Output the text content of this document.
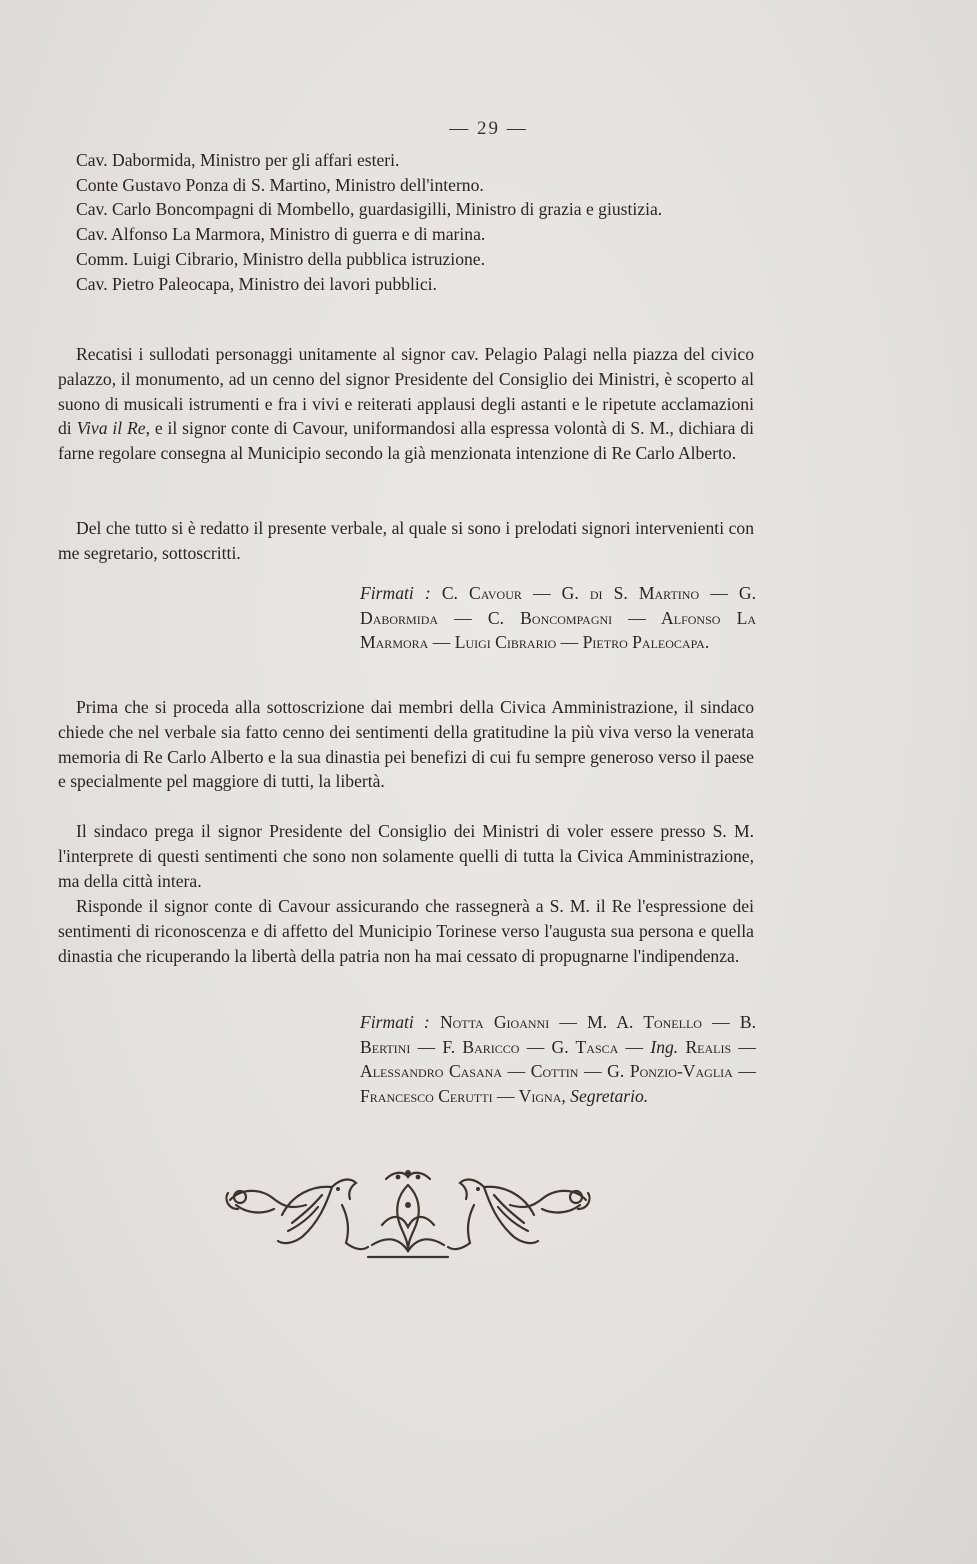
— 29 —

Cav. Dabormida, Ministro per gli affari esteri.

Conte Gustavo Ponza di S. Martino, Ministro dell'interno.

Cav. Carlo Boncompagni di Mombello, guardasigilli, Ministro di grazia e giustizia.

Cav. Alfonso La Marmora, Ministro di guerra e di marina.

Comm. Luigi Cibrario, Ministro della pubblica istruzione.

Cav. Pietro Paleocapa, Ministro dei lavori pubblici.

Recatisi i sullodati personaggi unitamente al signor cav. Pelagio Palagi nella piazza del civico palazzo, il monumento, ad un cenno del signor Presidente del Consiglio dei Ministri, è scoperto al suono di musicali istrumenti e fra i vivi e reiterati applausi degli astanti e le ripetute acclamazioni di Viva il Re, e il signor conte di Cavour, uniformandosi alla espressa volontà di S. M., dichiara di farne regolare consegna al Municipio secondo la già menzionata intenzione di Re Carlo Alberto.

Del che tutto si è redatto il presente verbale, al quale si sono i prelodati signori intervenienti con me segretario, sottoscritti.

Firmati : C. Cavour — G. di S. Martino — G. Dabormida — C. Boncompagni — Alfonso La Marmora — Luigi Cibrario — Pietro Paleocapa.

Prima che si proceda alla sottoscrizione dai membri della Civica Amministrazione, il sindaco chiede che nel verbale sia fatto cenno dei sentimenti della gratitudine la più viva verso la venerata memoria di Re Carlo Alberto e la sua dinastia pei benefizi di cui fu sempre generoso verso il paese e specialmente pel maggiore di tutti, la libertà.

Il sindaco prega il signor Presidente del Consiglio dei Ministri di voler essere presso S. M. l'interprete di questi sentimenti che sono non solamente quelli di tutta la Civica Amministrazione, ma della città intera.

Risponde il signor conte di Cavour assicurando che rassegnerà a S. M. il Re l'espressione dei sentimenti di riconoscenza e di affetto del Municipio Torinese verso l'augusta sua persona e quella dinastia che ricuperando la libertà della patria non ha mai cessato di propugnarne l'indipendenza.

Firmati : Notta Gioanni — M. A. Tonello — B. Bertini — F. Baricco — G. Tasca — Ing. Realis — Alessandro Casana — Cottin — G. Ponzio-Vaglia — Francesco Cerutti — Vigna, Segretario.
